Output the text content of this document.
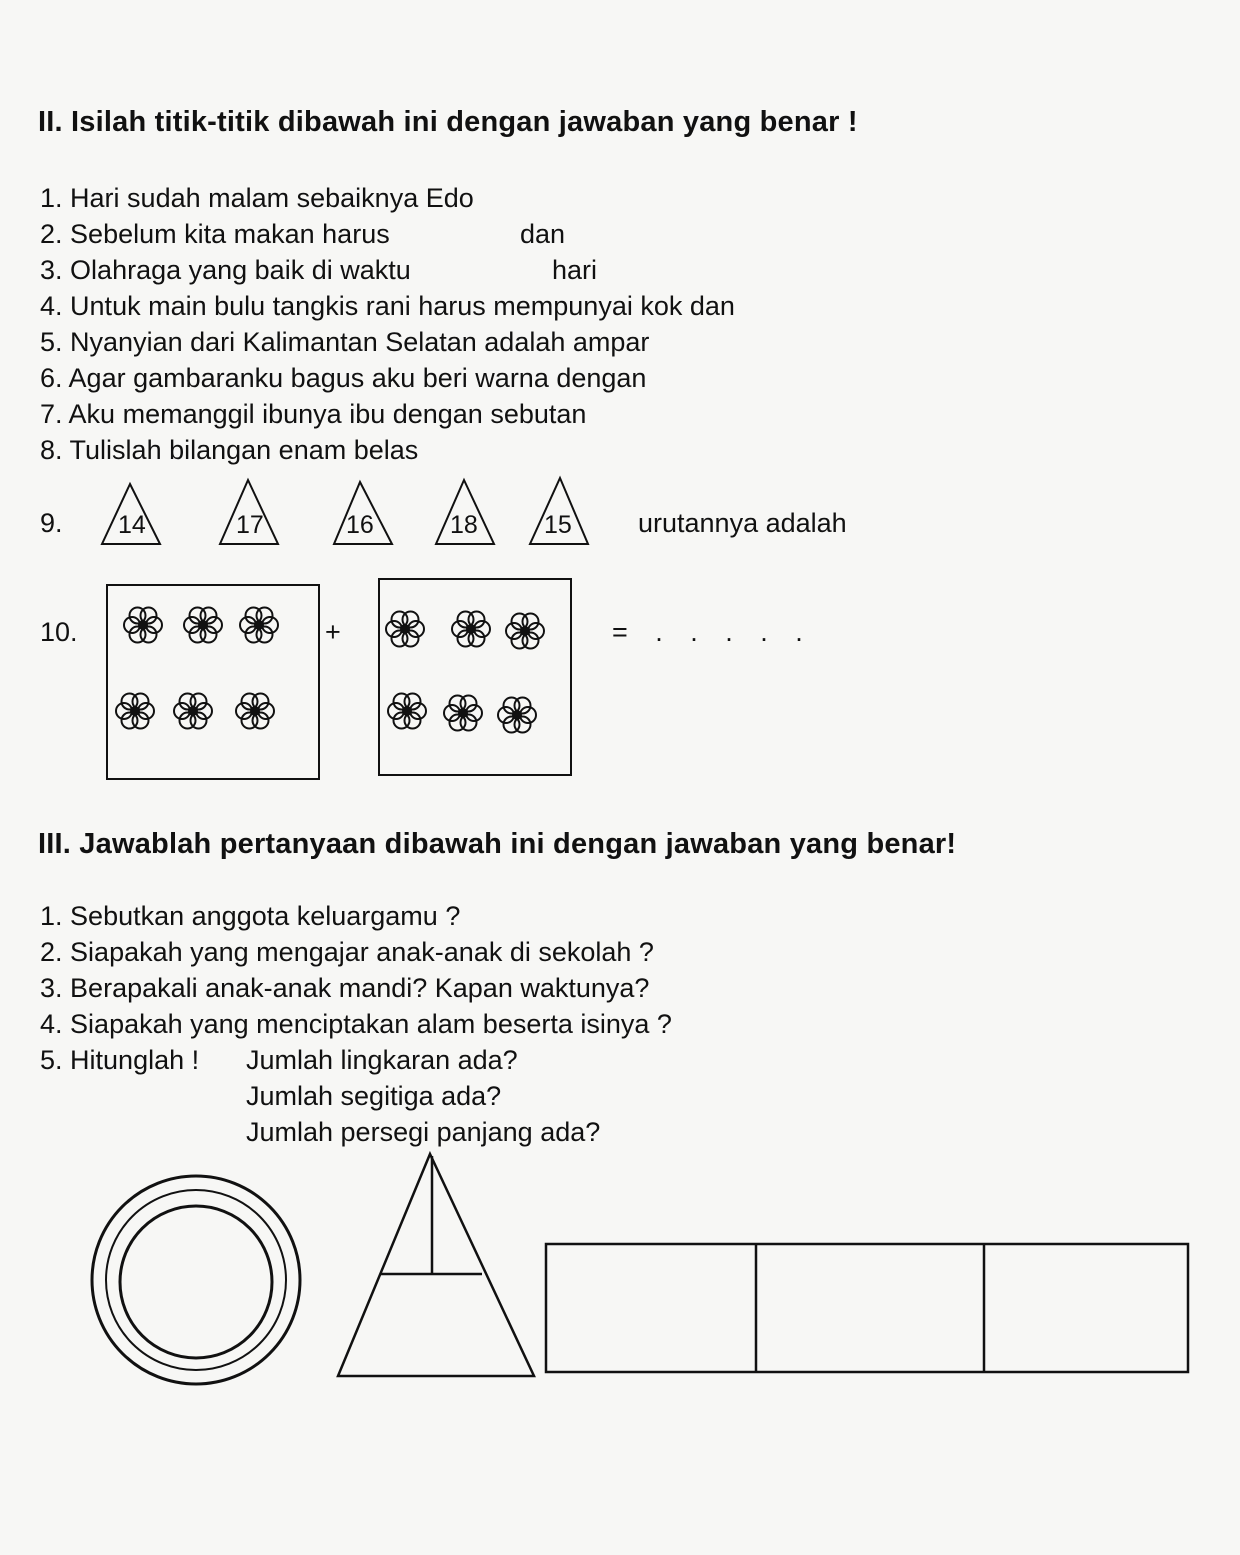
II. Isilah titik-titik dibawah ini dengan jawaban yang benar !
1. Hari sudah malam sebaiknya Edo
2. Sebelum kita makan harus	dan
3. Olahraga yang baik di waktu	hari
4. Untuk main bulu tangkis rani harus mempunyai kok dan
5. Nyanyian dari Kalimantan Selatan adalah ampar
6. Agar gambaranku bagus aku beri warna dengan
7. Aku memanggil ibunya ibu dengan sebutan
8. Tulislah bilangan enam belas
9. 14	17	16	18	15 urutannya adalah
10.	+	= . . . . .
III. Jawablah pertanyaan dibawah ini dengan jawaban yang benar!
1. Sebutkan anggota keluargamu ?
2. Siapakah yang mengajar anak-anak di sekolah ?
3. Berapakali anak-anak mandi? Kapan waktunya?
4. Siapakah yang menciptakan alam beserta isinya ?
5. Hitunglah ! Jumlah lingkaran ada?
Jumlah segitiga ada?
Jumlah persegi panjang ada?
